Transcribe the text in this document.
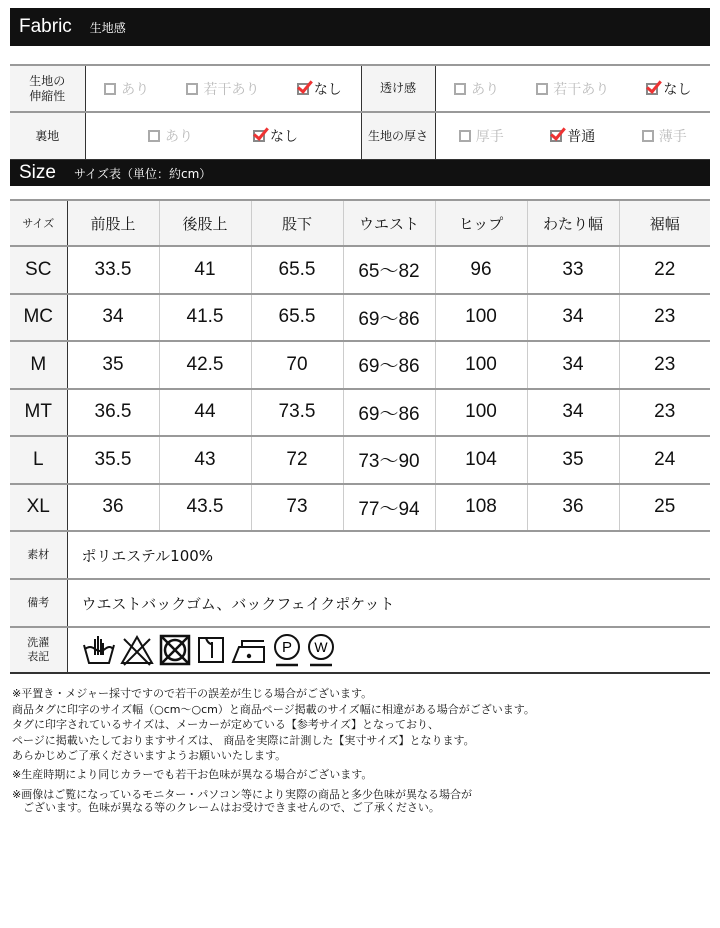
Fabric 生地感
生地の
伸縮性	あり 若干あり なし	透け感	あり 若干あり なし

裏地	あり なし	生地の厚さ	厚手 普通 薄手
Size サイズ表（単位：約cm）
サイズ	前股上	後股上	股下	ウエスト	ヒップ	わたり幅	裾幅
SC	33.5	41	65.5	65〜82	96	33	22
MC	34	41.5	65.5	69〜86	100	34	23
M	35	42.5	70	69〜86	100	34	23
MT	36.5	44	73.5	69〜86	100	34	23
L	35.5	43	72	73〜90	104	35	24
XL	36	43.5	73	77〜94	108	36	25
素材	ポリエステル100%
備考	ウエストバックゴム、バックフェイクポケット
洗濯表記	P W

※平置き・メジャー採寸ですので若干の誤差が生じる場合がございます。

商品タグに印字のサイズ幅（○cm〜○cm）と商品ページ掲載のサイズ幅に相違がある場合がございます。

タグに印字されているサイズは、メーカーが定めている【参考サイズ】となっており、

ページに掲載いたしておりますサイズは、 商品を実際に計測した【実寸サイズ】となります。

あらかじめご了承くださいますようお願いいたします。

※生産時期により同じカラーでも若干お色味が異なる場合がございます。

※画像はご覧になっているモニター・パソコン等により実際の商品と多少色味が異なる場合が

　ございます。色味が異なる等のクレームはお受けできませんので、ご了承ください。
